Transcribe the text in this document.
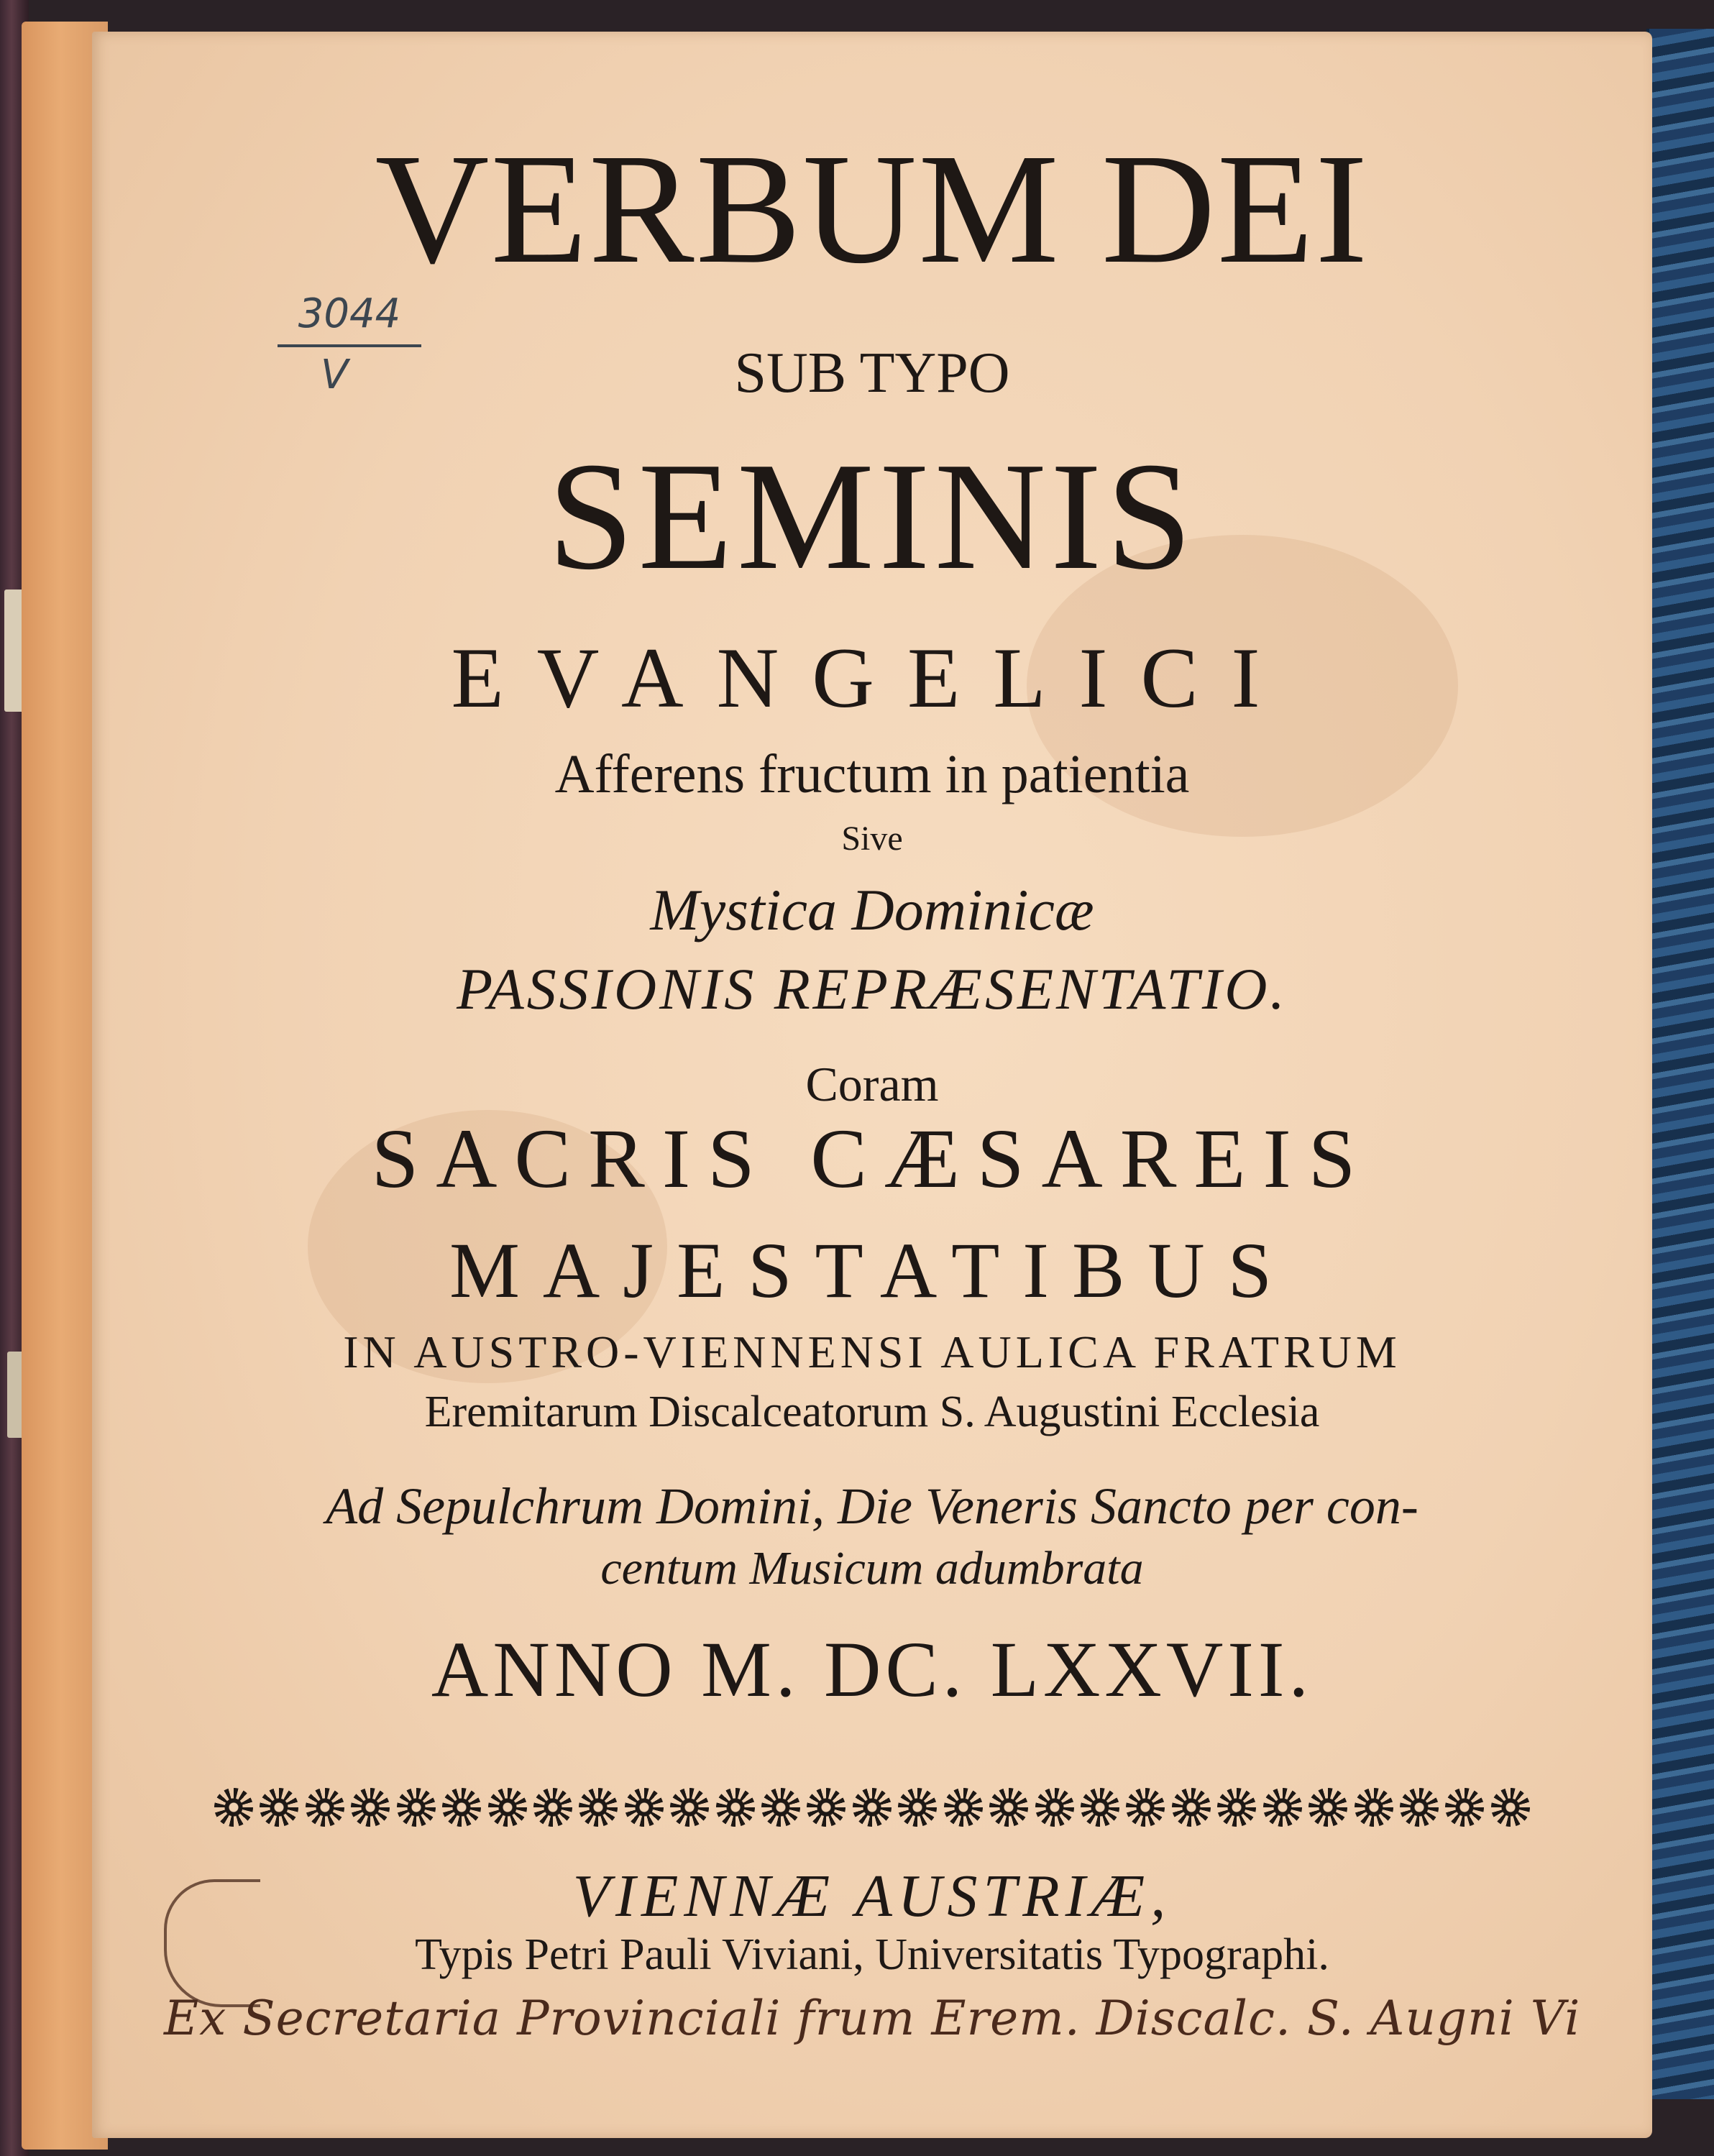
3044
V
VERBUM DEI
SUB TYPO
SEMINIS
EVANGELICI
Afferens fructum in patientia
Sive
Mystica Dominicæ
PASSIONIS REPRÆSENTATIO.
Coram
SACRIS CÆSAREIS
MAJESTATIBUS
IN AUSTRO-VIENNENSI AULICA FRATRUM
Eremitarum Discalceatorum S. Augustini Ecclesia
Ad Sepulchrum Domini, Die Veneris Sancto per con-
centum Musicum adumbrata
ANNO M. DC. LXXVII.
VIENNÆ AUSTRIÆ,
Typis Petri Pauli Viviani, Universitatis Typographi.
Ex Secretaria Provinciali frum Erem. Discalc. S. Augni Vi
